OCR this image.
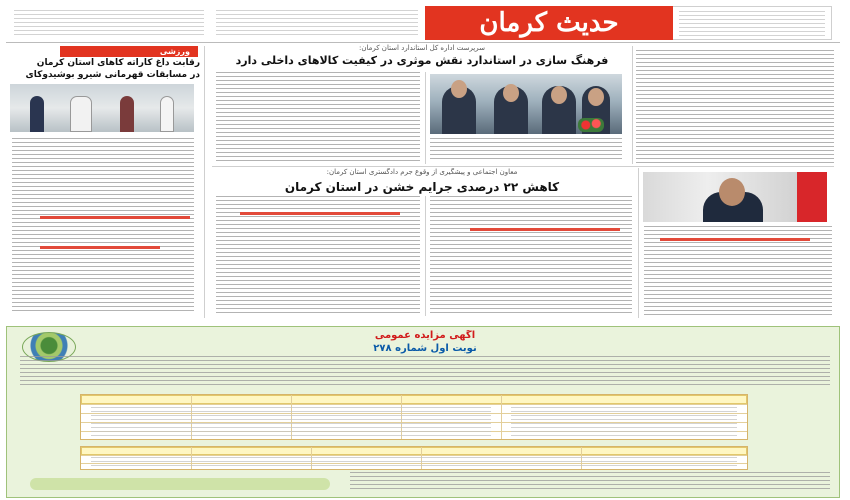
حدیث کرمان
ورزشی
رقابت داغ کاراته کاهای استان کرمان
در مسابقات قهرمانی شیرو بوشیدوکای
سرپرست اداره کل استاندارد استان کرمان:
فرهنگ سازی در استاندارد نقش موثری در کیفیت کالاهای داخلی دارد
معاون اجتماعی و پیشگیری از وقوع جرم دادگستری استان کرمان:
کاهش ۲۲ درصدی جرایم خشن در استان کرمان
آگهی مزایده عمومی
نوبت اول شماره ۲۷۸
